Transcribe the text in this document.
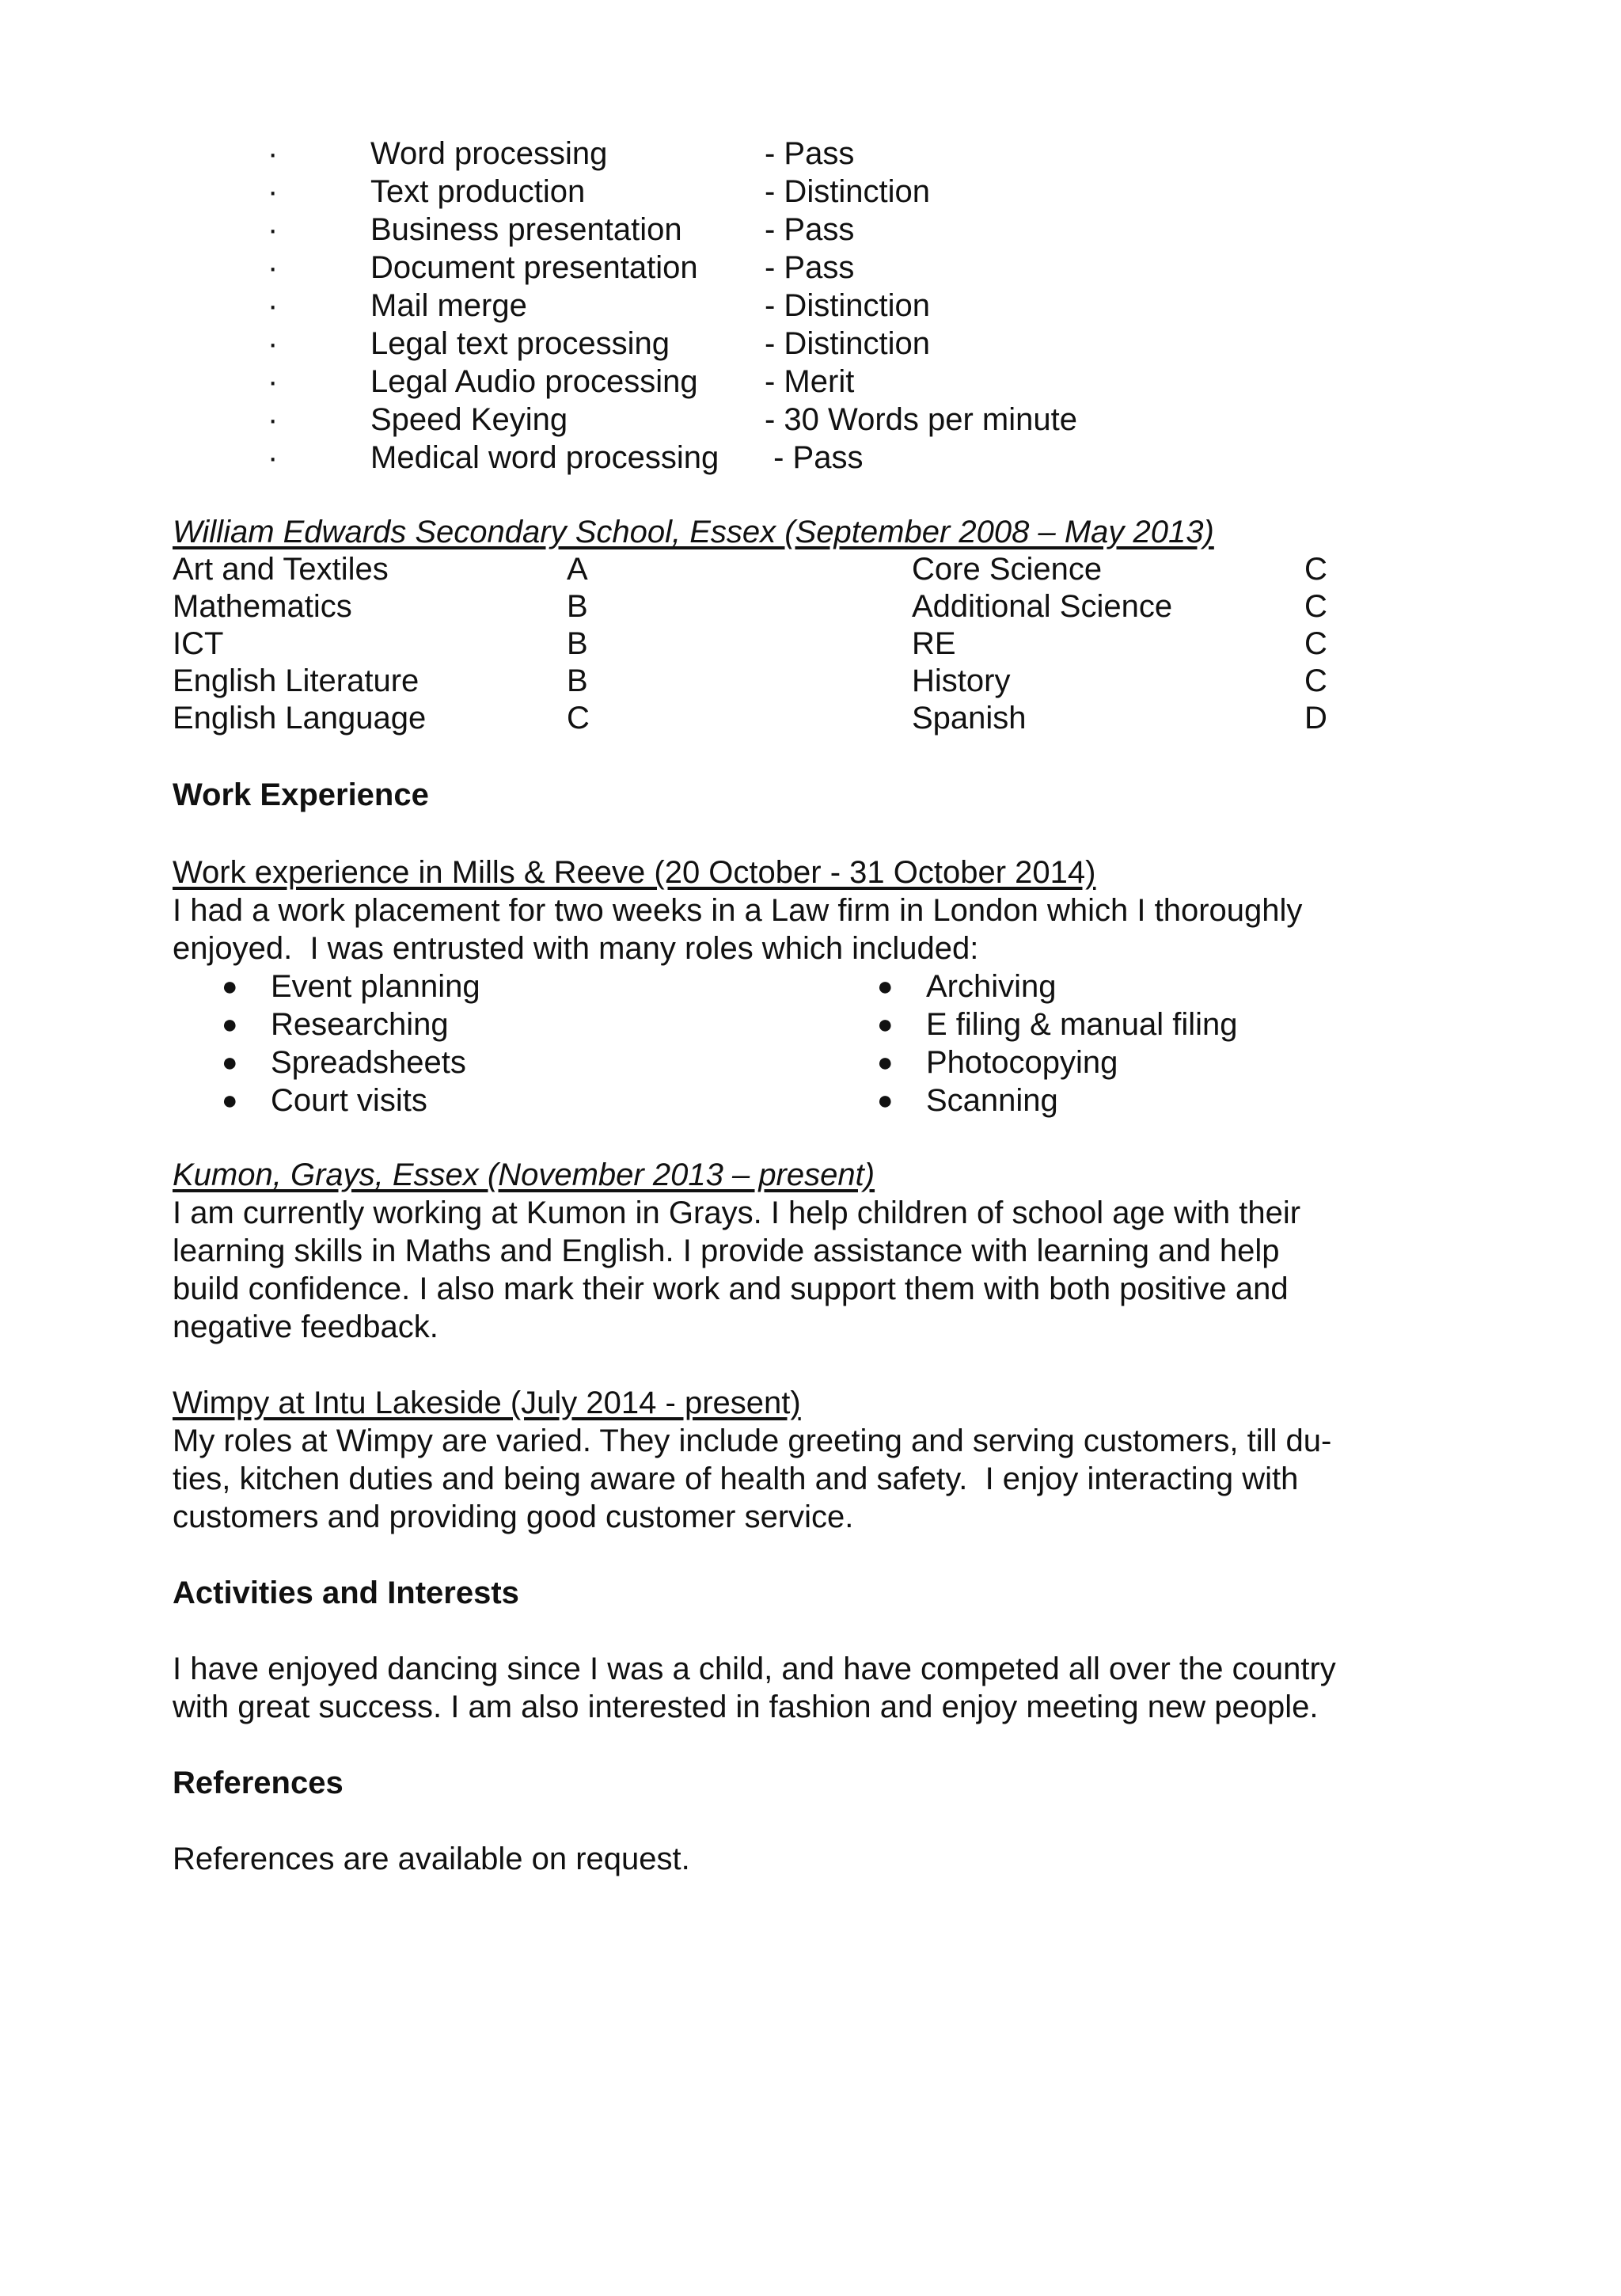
·	Word processing	- Pass
·	Text production	- Distinction
·	Business presentation	- Pass
·	Document presentation - Pass
·	Mail merge	- Distinction
·	Legal text processing	- Distinction
·	Legal Audio processing - Merit
·	Speed Keying	- 30 Words per minute
·	Medical word processing - Pass
William Edwards Secondary School, Essex (September 2008 – May 2013)
Art and Textiles	A	Core Science	C
Mathematics	B	Additional Science	C
ICT	B	RE	C
English Literature	B	History	C
English Language	C	Spanish	D
Work Experience
Work experience in Mills & Reeve (20 October - 31 October 2014)

I had a work placement for two weeks in a Law firm in London which I thoroughly
enjoyed.  I was entrusted with many roles which included:

● Event planning	● Archiving
● Researching	● E filing & manual filing
● Spreadsheets	● Photocopying
● Court visits	● Scanning
Kumon, Grays, Essex (November 2013 – present)

I am currently working at Kumon in Grays. I help children of school age with their
learning skills in Maths and English. I provide assistance with learning and help
build confidence. I also mark their work and support them with both positive and
negative feedback.

Wimpy at Intu Lakeside (July 2014 - present)

My roles at Wimpy are varied. They include greeting and serving customers, till du-
ties, kitchen duties and being aware of health and safety.  I enjoy interacting with
customers and providing good customer service.

Activities and Interests

I have enjoyed dancing since I was a child, and have competed all over the country
with great success. I am also interested in fashion and enjoy meeting new people.

References

References are available on request.
